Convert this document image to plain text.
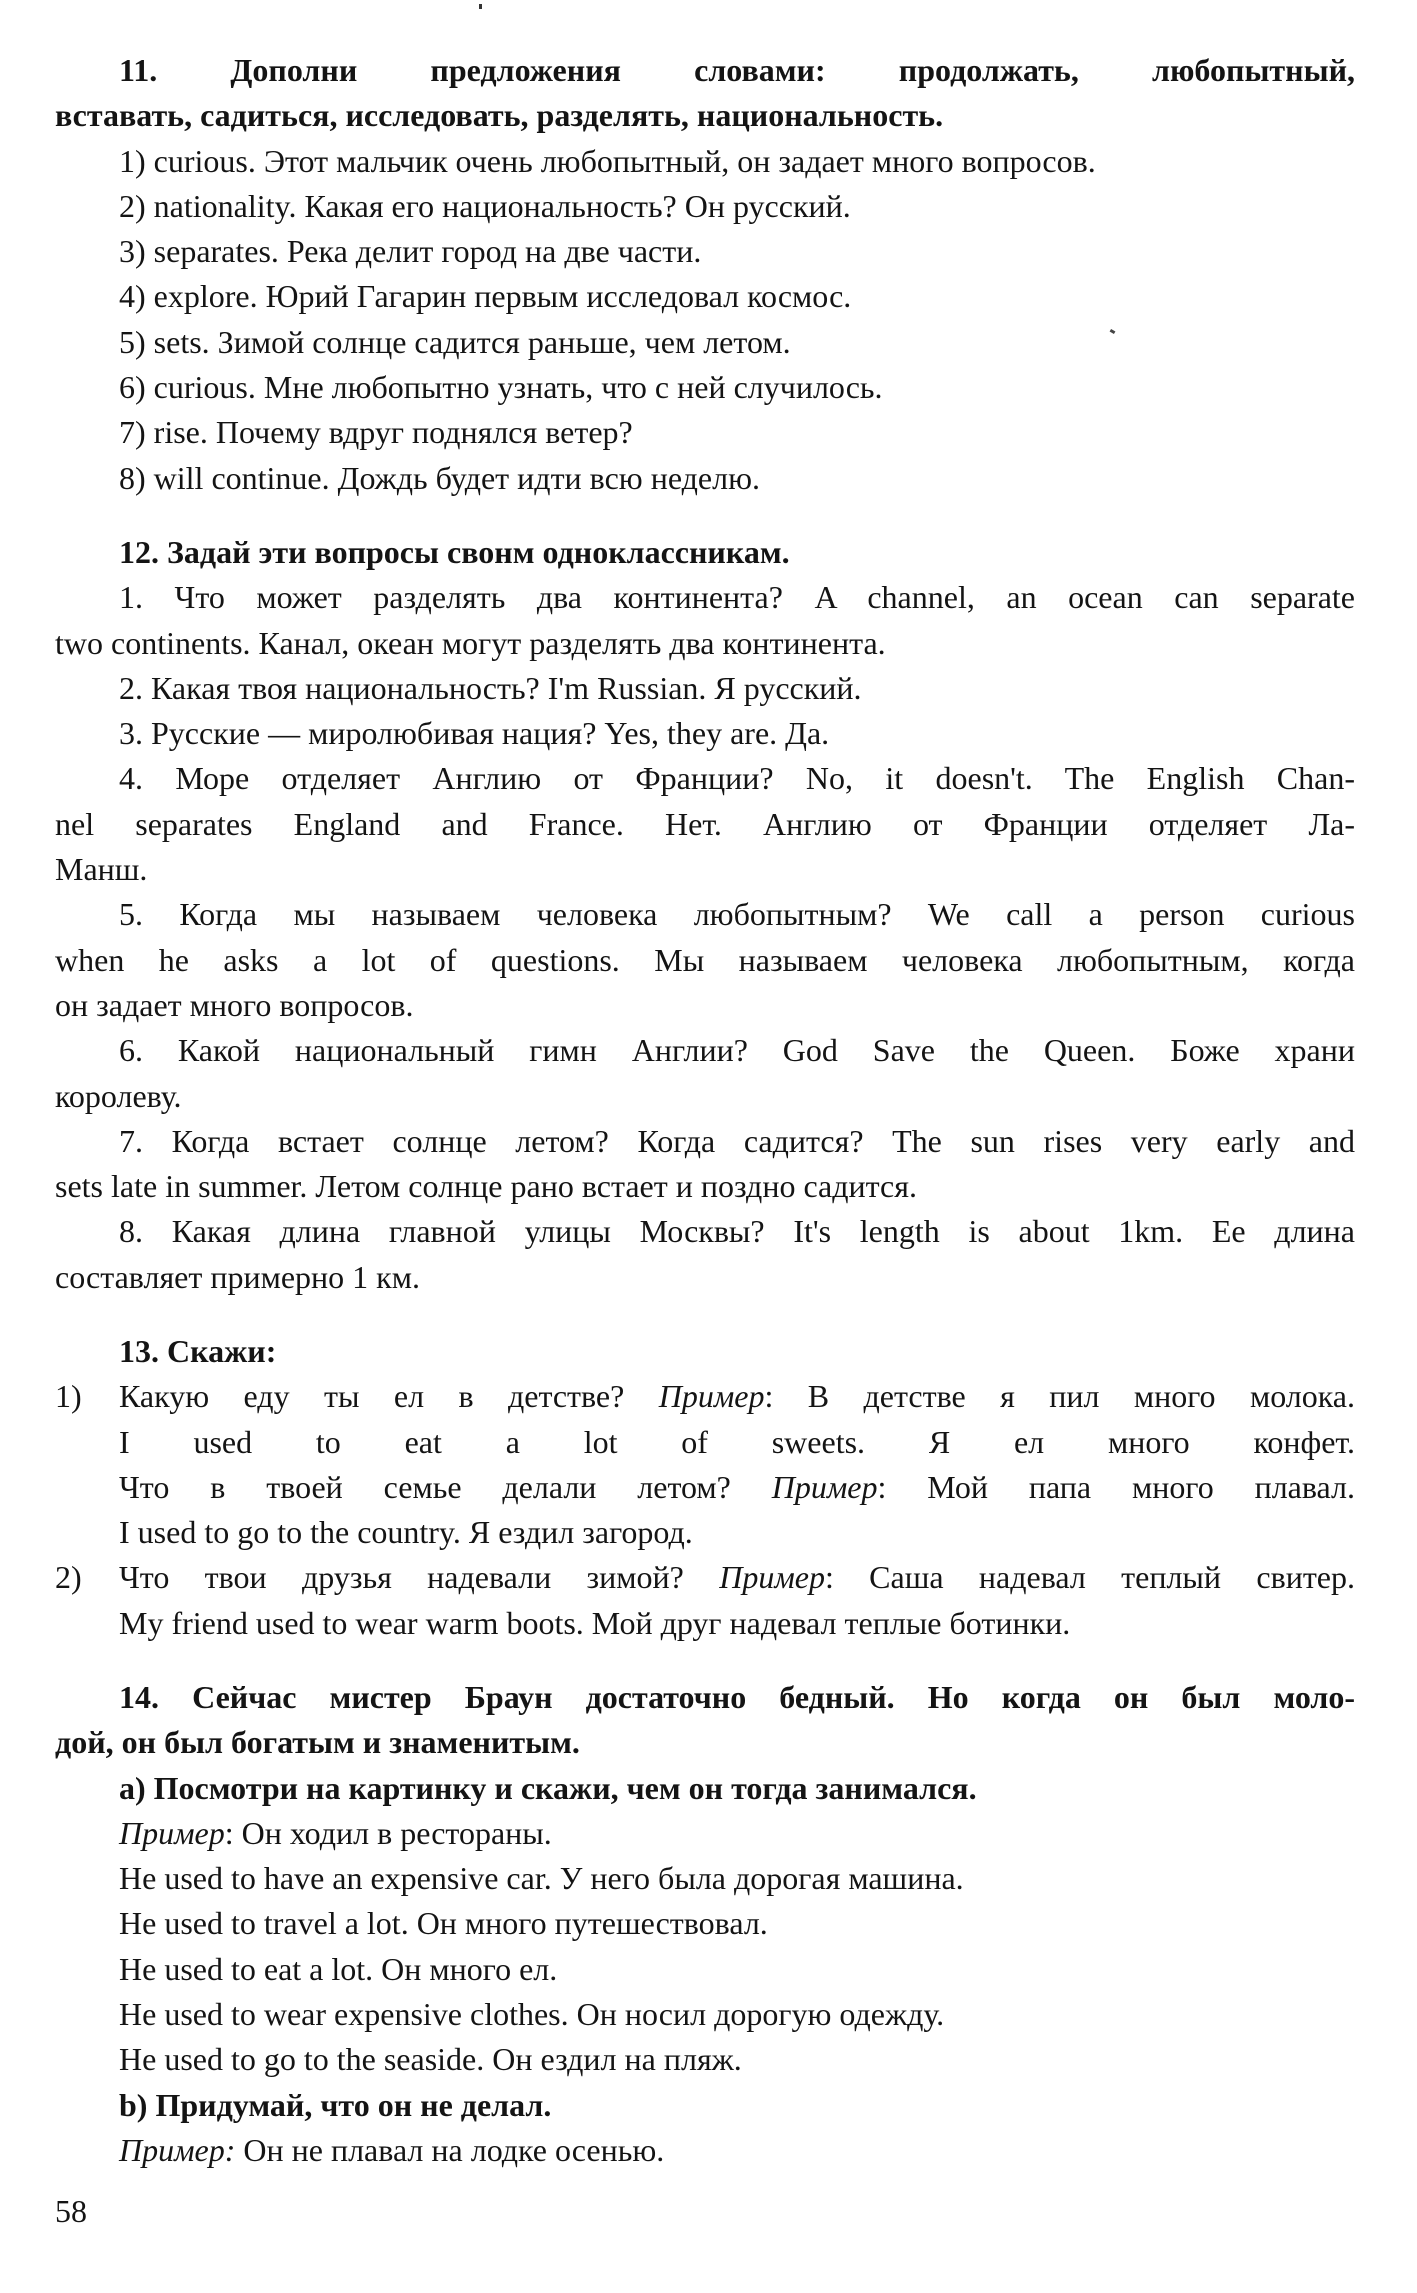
11. Дополни предложения словами: продолжать, любопытный,
вставать, садиться, исследовать, разделять, национальность.
1) curious. Этот мальчик очень любопытный, он задает много вопросов.
2) nationality. Какая его национальность? Он русский.
3) separates. Река делит город на две части.
4) explore. Юрий Гагарин первым исследовал космос.
5) sets. Зимой солнце садится раньше, чем летом.
6) curious. Мне любопытно узнать, что с ней случилось.
7) rise. Почему вдруг поднялся ветер?
8) will continue. Дождь будет идти всю неделю.
12. Задай эти вопросы свонм одноклассникам.
1. Что может разделять два континента? A channel, an ocean can separate
two continents. Канал, океан могут разделять два континента.
2. Какая твоя национальность? I'm Russian. Я русский.
3. Русские — миролюбивая нация? Yes, they are. Да.
4. Море отделяет Англию от Франции? No, it doesn't. The English Chan-
nel separates England and France. Нет. Англию от Франции отделяет Ла-
Манш.
5. Когда мы называем человека любопытным? We call a person curious
when he asks a lot of questions. Мы называем человека любопытным, когда
он задает много вопросов.
6. Какой национальный гимн Англии? God Save the Queen. Боже храни
королеву.
7. Когда встает солнце летом? Когда садится? The sun rises very early and
sets late in summer. Летом солнце рано встает и поздно садится.
8. Какая длина главной улицы Москвы? It's length is about 1km. Ее длина
составляет примерно 1 км.
13. Скажи:
1)	Какую еду ты ел в детстве? Пример: В детстве я пил много молока.
I used to eat a lot of sweets. Я ел много конфет.
Что в твоей семье делали летом? Пример: Мой папа много плавал.
I used to go to the country. Я ездил загород.
2)	Что твои друзья надевали зимой? Пример: Саша надевал теплый свитер.
My friend used to wear warm boots. Мой друг надевал теплые ботинки.
14. Сейчас мистер Браун достаточно бедный. Но когда он был моло-
дой, он был богатым и знаменитым.
a) Посмотри на картинку и скажи, чем он тогда занимался.
Пример: Он ходил в рестораны.
He used to have an expensive car. У него была дорогая машина.
He used to travel a lot. Он много путешествовал.
He used to eat a lot. Он много ел.
He used to wear expensive clothes. Он носил дорогую одежду.
He used to go to the seaside. Он ездил на пляж.
b) Придумай, что он не делал.
Пример: Он не плавал на лодке осенью.
58
